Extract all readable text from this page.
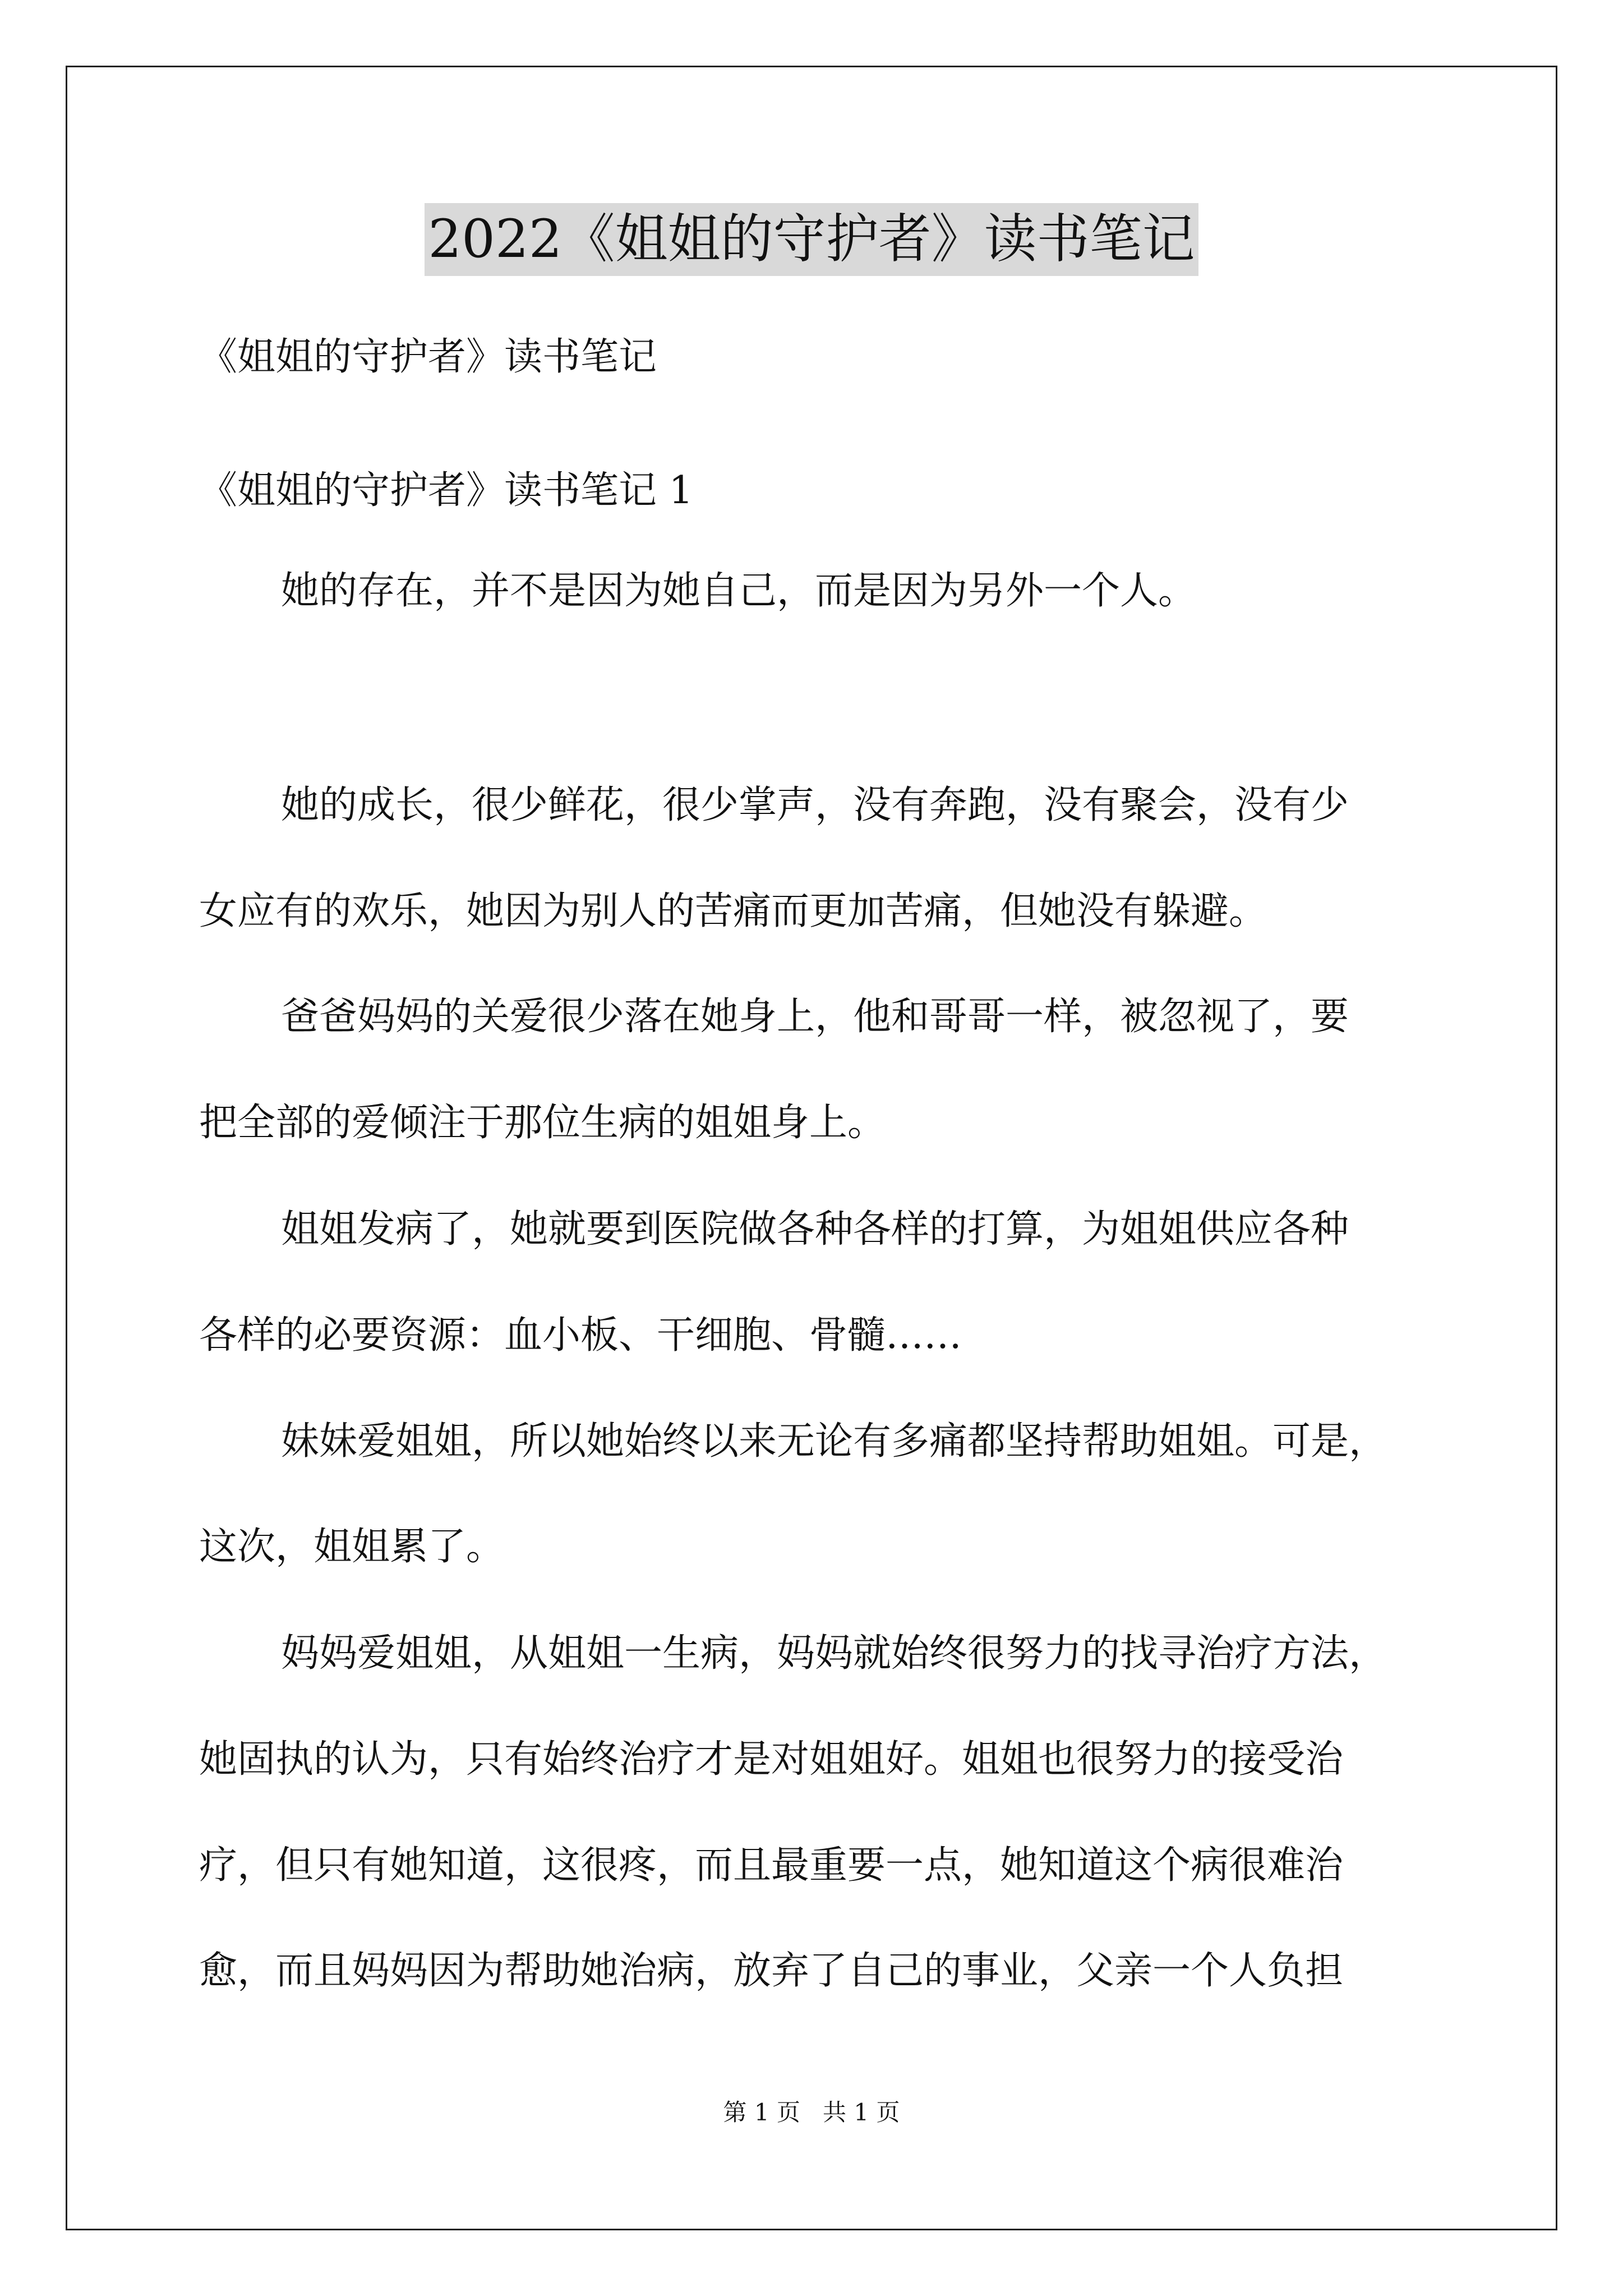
2022《姐姐的守护者》读书笔记
《姐姐的守护者》读书笔记
《姐姐的守护者》读书笔记 1
她的存在，并不是因为她自己，而是因为另外一个人。
她的成长，很少鲜花，很少掌声，没有奔跑，没有聚会，没有少
女应有的欢乐，她因为别人的苦痛而更加苦痛，但她没有躲避。
爸爸妈妈的关爱很少落在她身上，他和哥哥一样，被忽视了，要
把全部的爱倾注于那位生病的姐姐身上。
姐姐发病了，她就要到医院做各种各样的打算，为姐姐供应各种
各样的必要资源：血小板、干细胞、骨髓……
妹妹爱姐姐，所以她始终以来无论有多痛都坚持帮助姐姐。可是，
这次，姐姐累了。
妈妈爱姐姐，从姐姐一生病，妈妈就始终很努力的找寻治疗方法，
她固执的认为，只有始终治疗才是对姐姐好。姐姐也很努力的接受治
疗，但只有她知道，这很疼，而且最重要一点，她知道这个病很难治
愈，而且妈妈因为帮助她治病，放弃了自己的事业，父亲一个人负担
第 1 页   共 1 页
